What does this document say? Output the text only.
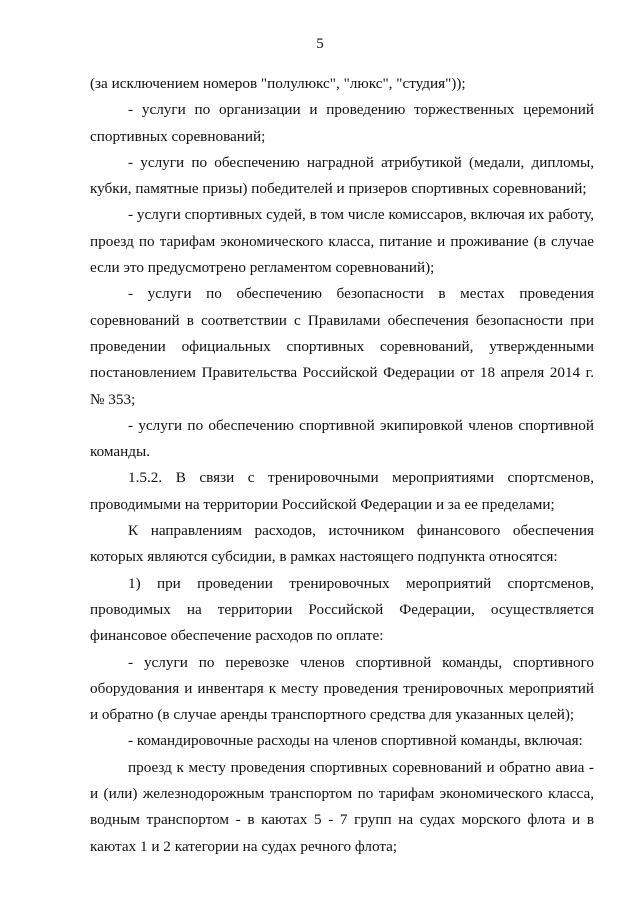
5

(за исключением номеров "полулюкс", "люкс", "студия"));

- услуги по организации и проведению торжественных церемоний спортивных соревнований;

- услуги по обеспечению наградной атрибутикой (медали, дипломы, кубки, памятные призы) победителей и призеров спортивных соревнований;

- услуги спортивных судей, в том числе комиссаров, включая их работу, проезд по тарифам экономического класса, питание и проживание (в случае если это предусмотрено регламентом соревнований);

- услуги по обеспечению безопасности в местах проведения соревнований в соответствии с Правилами обеспечения безопасности при проведении официальных спортивных соревнований, утвержденными постановлением Правительства Российской Федерации от 18 апреля 2014 г. № 353;

- услуги по обеспечению спортивной экипировкой членов спортивной команды.

1.5.2. В связи с тренировочными мероприятиями спортсменов, проводимыми на территории Российской Федерации и за ее пределами;

К направлениям расходов, источником финансового обеспечения которых являются субсидии, в рамках настоящего подпункта относятся:

1) при проведении тренировочных мероприятий спортсменов, проводимых на территории Российской Федерации, осуществляется финансовое обеспечение расходов по оплате:

- услуги по перевозке членов спортивной команды, спортивного оборудования и инвентаря к месту проведения тренировочных мероприятий и обратно (в случае аренды транспортного средства для указанных целей);

- командировочные расходы на членов спортивной команды, включая:

проезд к месту проведения спортивных соревнований и обратно авиа - и (или) железнодорожным транспортом по тарифам экономического класса, водным транспортом - в каютах 5 - 7 групп на судах морского флота и в каютах 1 и 2 категории на судах речного флота;
